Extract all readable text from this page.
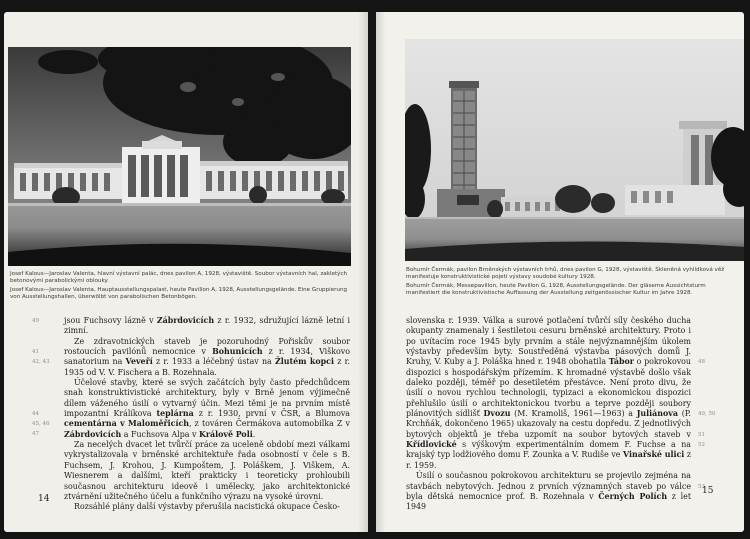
Josef Kalous—Jaroslav Valenta, hlavní výstavní palác, dnes pavilon A, 1928, výstaviště. Soubor výstavních hal, zakletých betonovými parabolickými oblouky.

Josef Kalous—Jaroslav Valenta, Hauptausstellungspalast, heute Pavillon A, 1928, Ausstellungsgelände. Eine Gruppierung von Ausstellungshallen, überwölbt von parabolischen Betonbögen.

49
41
42, 43
44
45, 46
47

jsou Fuchsovy lázně v Zábrdovicích z r. 1932, sdružující lázně letní i zimní.

Ze zdravotnických staveb je pozoruhodný Pořiskův soubor rostoucích pavilónů nemocnice v Bohunicích z r. 1934, Viškovo sanatorium na Veveří z r. 1933 a léčebný ústav na Žlutém kopci z r. 1935 od V. V. Fischera a B. Rozehnala.

Účelové stavby, které se svých začátcích byly často předchůdcem snah konstruktivistické architektury, byly v Brně jenom výjimečně dílem váženého úsilí o vytvarný účin. Mezi těmi je na prvním místě impozantní Králíkova teplárna z r. 1930, první v ČSR, a Blumova cementárna v Maloměřicích, z továren Čermákova automobilka Z v Zábrdovicích a Fuchsova Alpa v Králově Poli.

Za necelých dvacet let tvůrčí práce za uceleně období mezi válkami vykrystalizovala v brněnské architektuře řada osobností v čele s B. Fuchsem, J. Krohou, J. Kumpoštem, J. Poláškem, J. Viškem, A. Wiesnerem a dalšími, kteří prakticky i teoreticky prohloubili současnou architekturu ideově i umělecky, jako architektonické ztvárnění užitečného účelu a funkčního výrazu na vysoké úrovni.

Rozsáhlé plány další výstavby přerušila nacistická okupace Česko-

14

Bohumír Čermák, pavilon Brněnských výstavních trhů, dnes pavilon G, 1928, výstaviště. Skleněná vyhlídková věž manifestuje konstruktivistické pojetí výstavy soudobé kultury 1928.

Bohumír Čermák, Messepavillon, heute Pavillon G, 1928, Ausstellungsgelände. Der gläserne Aussichtsturm manifestiert die konstruktivistische Auffassung der Ausstellung zeitgenössischer Kultur im Jahre 1928.

slovenska r. 1939. Válka a surové potlačení tvůrčí síly českého ducha okupanty znamenaly i šestiletou cesuru brněnské architektury. Proto i po uvítacím roce 1945 byly prvním a stále nejvýznamnějším úkolem výstavby především byty. Soustředěná výstavba pásových domů J. Kruhy, V. Kuby a J. Poláška hned r. 1948 obohatila Tábor o pokrokovou dispozici s hospodářským přízemím. K hromadné výstavbě došlo však daleko později, téměř po desetiletém přestávce. Není proto divu, že úsilí o novou rychlou technologii, typizaci a ekonomickou dispozici přehlušilo úsilí o architektonickou tvorbu a teprve později soubory plánovitých sídlišť Dvozu (M. Kramoliš, 1961—1963) a Juliánova (P. Krchňák, dokončeno 1965) ukazovaly na cestu dopředu. Z jednotlivých bytových objektů je třeba uzpomít na soubor bytových staveb v Křídlovické s výškovým experimentálním domem F. Fuchse a na krajský typ lodžiového domu F. Zounka a V. Rudiše ve Vinařské ulici z r. 1959.

Úsilí o současnou pokrokovou architekturu se projevilo zejména na stavbách nebytových. Jednou z prvních významných staveb po válce byla dětská nemocnice prof. B. Rozehnala v Černých Polích z let 1949

48
49, 50
51
52
53
15
